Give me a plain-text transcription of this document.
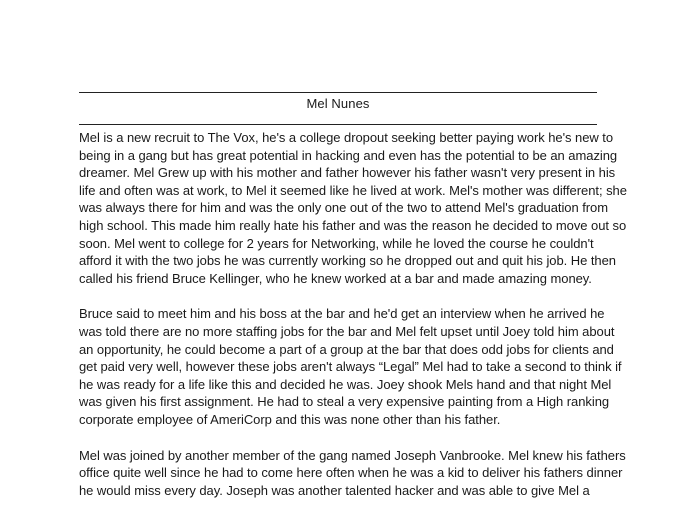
Mel Nunes
Mel is a new recruit to The Vox, he's a college dropout seeking better paying work he's new to
being in a gang but has great potential in hacking and even has the potential to be an amazing
dreamer. Mel Grew up with his mother and father however his father wasn't very present in his
life and often was at work, to Mel it seemed like he lived at work. Mel's mother was different; she
was always there for him and was the only one out of the two to attend Mel's graduation from
high school. This made him really hate his father and was the reason he decided to move out so
soon. Mel went to college for 2 years for Networking, while he loved the course he couldn't
afford it with the two jobs he was currently working so he dropped out and quit his job. He then
called his friend Bruce Kellinger, who he knew worked at a bar and made amazing money.
Bruce said to meet him and his boss at the bar and he'd get an interview when he arrived he
was told there are no more staffing jobs for the bar and Mel felt upset until Joey told him about
an opportunity, he could become a part of a group at the bar that does odd jobs for clients and
get paid very well, however these jobs aren't always “Legal” Mel had to take a second to think if
he was ready for a life like this and decided he was. Joey shook Mels hand and that night Mel
was given his first assignment. He had to steal a very expensive painting from a High ranking
corporate employee of AmeriCorp and this was none other than his father.
Mel was joined by another member of the gang named Joseph Vanbrooke. Mel knew his fathers
office quite well since he had to come here often when he was a kid to deliver his fathers dinner
he would miss every day. Joseph was another talented hacker and was able to give Mel a
